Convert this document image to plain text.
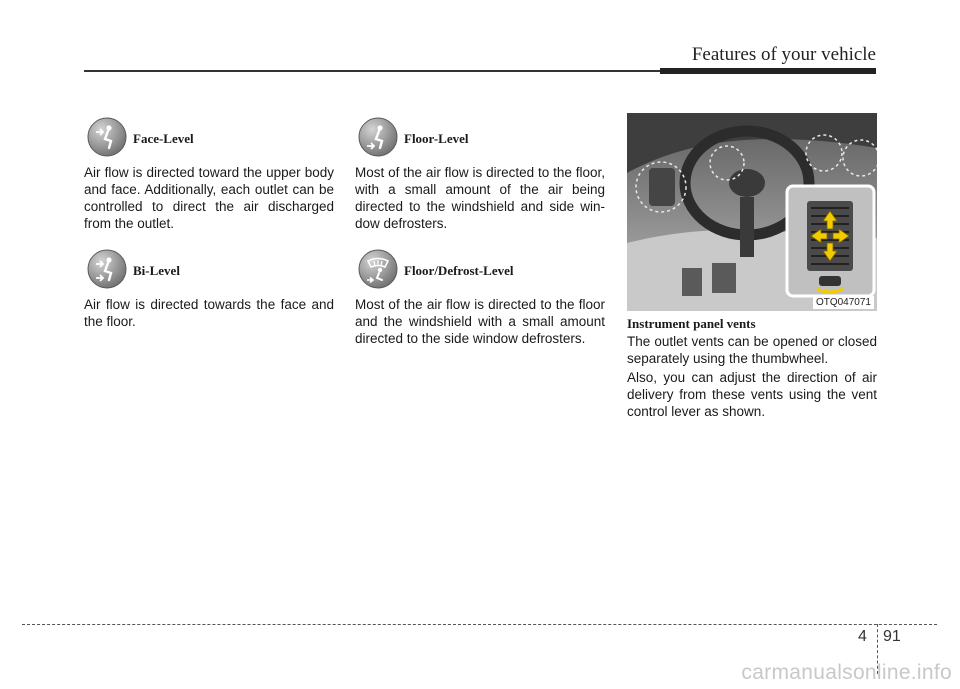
Features of your vehicle
Face-Level
Air flow is directed toward the upper body and face. Additionally, each outlet can be controlled to direct the air discharged from the outlet.
Bi-Level
Air flow is directed towards the face and the floor.
Floor-Level
Most of the air flow is directed to the floor, with a small amount of the air being directed to the windshield and side win-dow defrosters.
Floor/Defrost-Level
Most of the air flow is directed to the floor and the windshield with a small amount directed to the side window defrosters.
OTQ047071
Instrument panel vents
The outlet vents can be opened or closed separately using the thumbwheel.
Also, you can adjust the direction of air delivery from these vents using the vent control lever as shown.
4 91
carmanualsonline.info
